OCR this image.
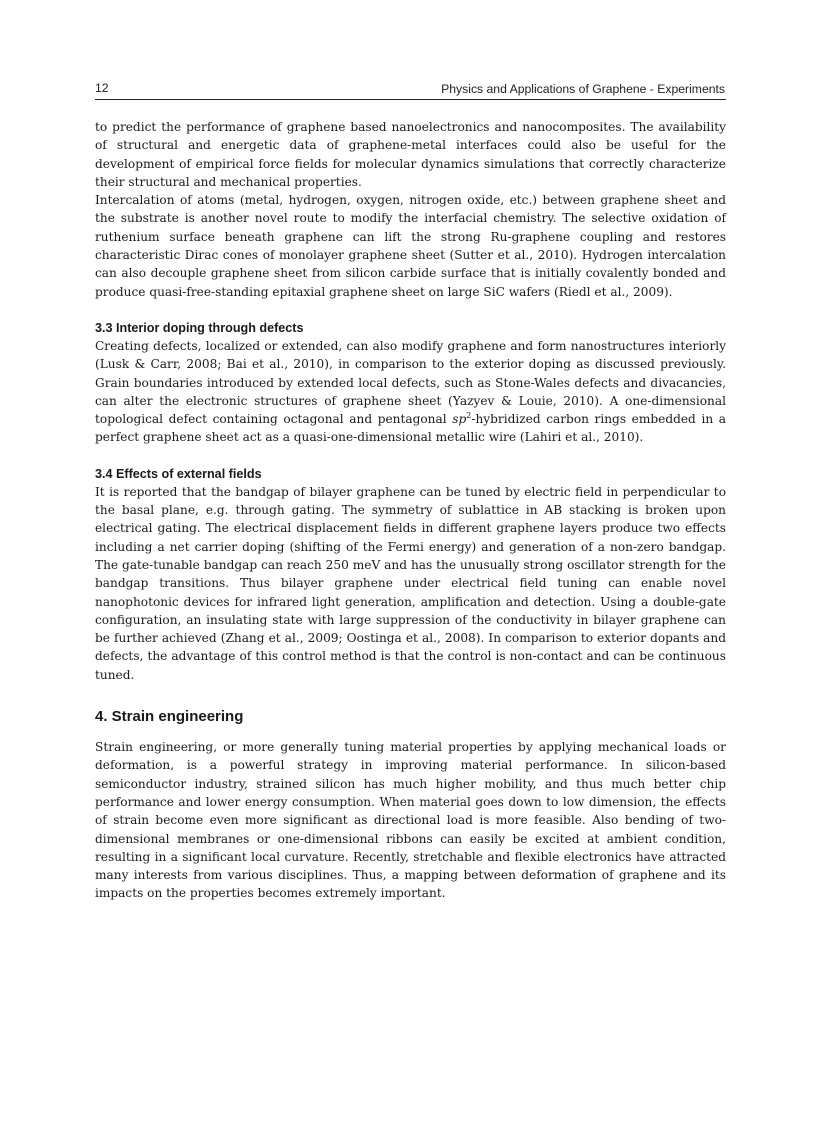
12	Physics and Applications of Graphene - Experiments

to predict the performance of graphene based nanoelectronics and nanocomposites. The availability of structural and energetic data of graphene-metal interfaces could also be useful for the development of empirical force fields for molecular dynamics simulations that correctly characterize their structural and mechanical properties.

Intercalation of atoms (metal, hydrogen, oxygen, nitrogen oxide, etc.) between graphene sheet and the substrate is another novel route to modify the interfacial chemistry. The selective oxidation of ruthenium surface beneath graphene can lift the strong Ru-graphene coupling and restores characteristic Dirac cones of monolayer graphene sheet (Sutter et al., 2010). Hydrogen intercalation can also decouple graphene sheet from silicon carbide surface that is initially covalently bonded and produce quasi-free-standing epitaxial graphene sheet on large SiC wafers (Riedl et al., 2009).

3.3 Interior doping through defects

Creating defects, localized or extended, can also modify graphene and form nanostructures interiorly (Lusk & Carr, 2008; Bai et al., 2010), in comparison to the exterior doping as discussed previously. Grain boundaries introduced by extended local defects, such as Stone-Wales defects and divacancies, can alter the electronic structures of graphene sheet (Yazyev & Louie, 2010). A one-dimensional topological defect containing octagonal and pentagonal $sp^2$-hybridized carbon rings embedded in a perfect graphene sheet act as a quasi-one-dimensional metallic wire (Lahiri et al., 2010).

3.4 Effects of external fields

It is reported that the bandgap of bilayer graphene can be tuned by electric field in perpendicular to the basal plane, e.g. through gating. The symmetry of sublattice in AB stacking is broken upon electrical gating. The electrical displacement fields in different graphene layers produce two effects including a net carrier doping (shifting of the Fermi energy) and generation of a non-zero bandgap. The gate-tunable bandgap can reach 250 meV and has the unusually strong oscillator strength for the bandgap transitions. Thus bilayer graphene under electrical field tuning can enable novel nanophotonic devices for infrared light generation, amplification and detection. Using a double-gate configuration, an insulating state with large suppression of the conductivity in bilayer graphene can be further achieved (Zhang et al., 2009; Oostinga et al., 2008). In comparison to exterior dopants and defects, the advantage of this control method is that the control is non-contact and can be continuous tuned.

4. Strain engineering

Strain engineering, or more generally tuning material properties by applying mechanical loads or deformation, is a powerful strategy in improving material performance. In silicon-based semiconductor industry, strained silicon has much higher mobility, and thus much better chip performance and lower energy consumption. When material goes down to low dimension, the effects of strain become even more significant as directional load is more feasible. Also bending of two-dimensional membranes or one-dimensional ribbons can easily be excited at ambient condition, resulting in a significant local curvature. Recently, stretchable and flexible electronics have attracted many interests from various disciplines. Thus, a mapping between deformation of graphene and its impacts on the properties becomes extremely important.
